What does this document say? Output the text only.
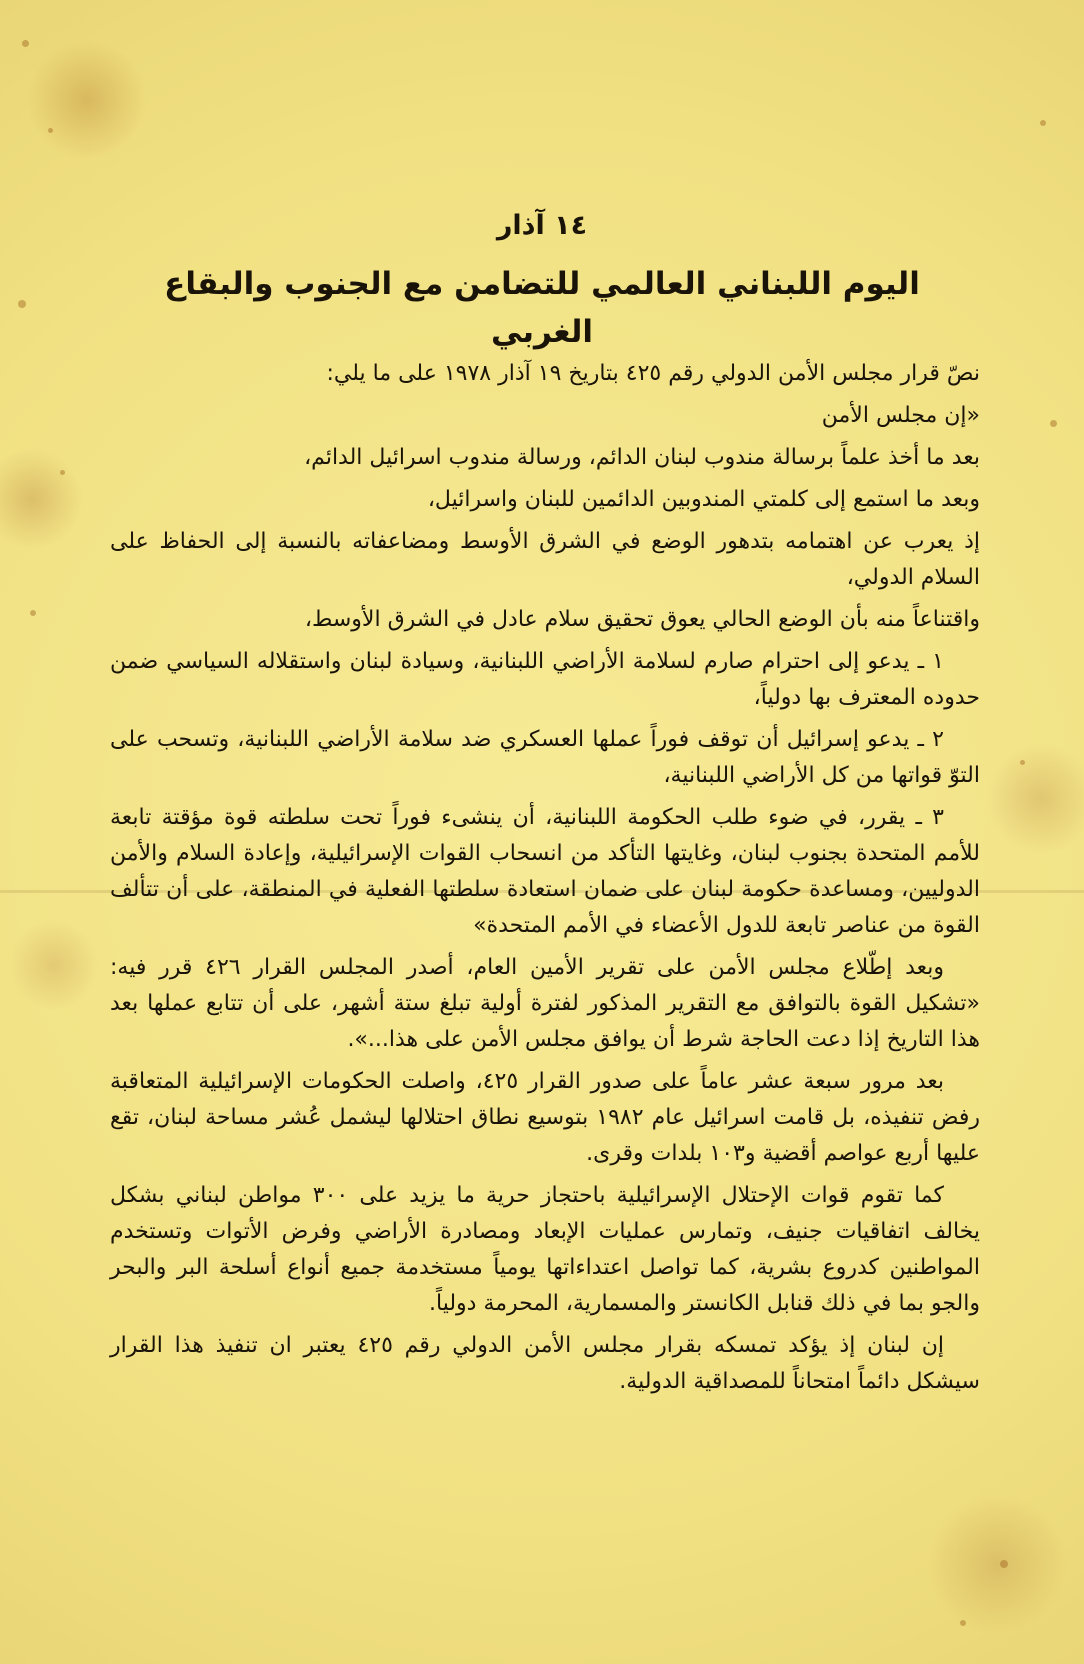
١٤ آذار

اليوم اللبناني العالمي للتضامن مع الجنوب والبقاع الغربي

نصّ قرار مجلس الأمن الدولي رقم ٤٢٥ بتاريخ ١٩ آذار ١٩٧٨ على ما يلي:

«إن مجلس الأمن

بعد ما أخذ علماً برسالة مندوب لبنان الدائم، ورسالة مندوب اسرائيل الدائم،

وبعد ما استمع إلى كلمتي المندوبين الدائمين للبنان واسرائيل،

إذ يعرب عن اهتمامه بتدهور الوضع في الشرق الأوسط ومضاعفاته بالنسبة إلى الحفاظ على السلام الدولي،

واقتناعاً منه بأن الوضع الحالي يعوق تحقيق سلام عادل في الشرق الأوسط،

١ ـ يدعو إلى احترام صارم لسلامة الأراضي اللبنانية، وسيادة لبنان واستقلاله السياسي ضمن حدوده المعترف بها دولياً،

٢ ـ يدعو إسرائيل أن توقف فوراً عملها العسكري ضد سلامة الأراضي اللبنانية، وتسحب على التوّ قواتها من كل الأراضي اللبنانية،

٣ ـ يقرر، في ضوء طلب الحكومة اللبنانية، أن ينشىء فوراً تحت سلطته قوة مؤقتة تابعة للأمم المتحدة بجنوب لبنان، وغايتها التأكد من انسحاب القوات الإسرائيلية، وإعادة السلام والأمن الدوليين، ومساعدة حكومة لبنان على ضمان استعادة سلطتها الفعلية في المنطقة، على أن تتألف القوة من عناصر تابعة للدول الأعضاء في الأمم المتحدة»

وبعد إطّلاع مجلس الأمن على تقرير الأمين العام، أصدر المجلس القرار ٤٢٦ قرر فيه: «تشكيل القوة بالتوافق مع التقرير المذكور لفترة أولية تبلغ ستة أشهر، على أن تتابع عملها بعد هذا التاريخ إذا دعت الحاجة شرط أن يوافق مجلس الأمن على هذا...».

بعد مرور سبعة عشر عاماً على صدور القرار ٤٢٥، واصلت الحكومات الإسرائيلية المتعاقبة رفض تنفيذه، بل قامت اسرائيل عام ١٩٨٢ بتوسيع نطاق احتلالها ليشمل عُشر مساحة لبنان، تقع عليها أربع عواصم أقضية و١٠٣ بلدات وقرى.

كما تقوم قوات الإحتلال الإسرائيلية باحتجاز حرية ما يزيد على ٣٠٠ مواطن لبناني بشكل يخالف اتفاقيات جنيف، وتمارس عمليات الإبعاد ومصادرة الأراضي وفرض الأتوات وتستخدم المواطنين كدروع بشرية، كما تواصل اعتداءاتها يومياً مستخدمة جميع أنواع أسلحة البر والبحر والجو بما في ذلك قنابل الكانستر والمسمارية، المحرمة دولياً.

إن لبنان إذ يؤكد تمسكه بقرار مجلس الأمن الدولي رقم ٤٢٥ يعتبر ان تنفيذ هذا القرار سيشكل دائماً امتحاناً للمصداقية الدولية.
